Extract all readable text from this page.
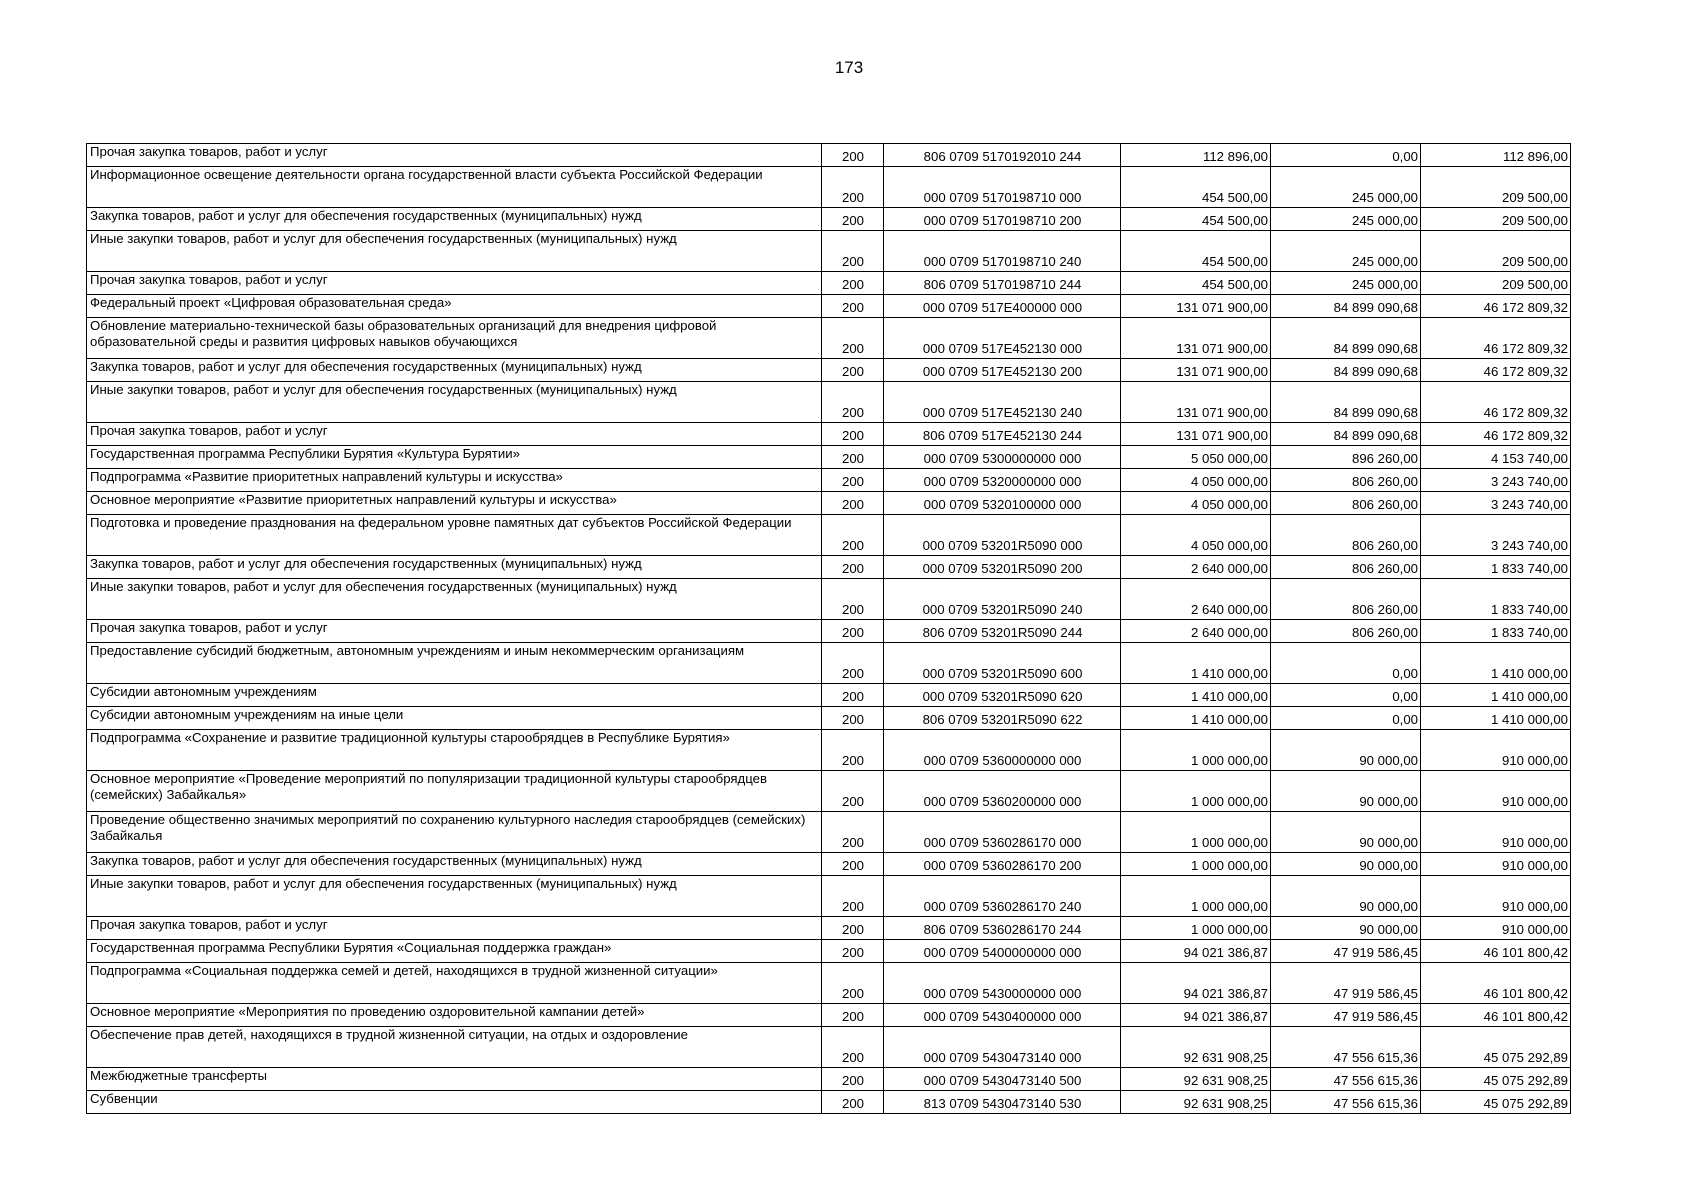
173
Прочая закупка товаров, работ и услуг	200	806 0709 5170192010 244	112 896,00	0,00	112 896,00
Информационное освещение деятельности органа государственной власти субъекта Российской Федерации	200	000 0709 5170198710 000	454 500,00	245 000,00	209 500,00
Закупка товаров, работ и услуг для обеспечения государственных (муниципальных) нужд	200	000 0709 5170198710 200	454 500,00	245 000,00	209 500,00
Иные закупки товаров, работ и услуг для обеспечения государственных (муниципальных) нужд	200	000 0709 5170198710 240	454 500,00	245 000,00	209 500,00
Прочая закупка товаров, работ и услуг	200	806 0709 5170198710 244	454 500,00	245 000,00	209 500,00
Федеральный проект «Цифровая образовательная среда»	200	000 0709 517E400000 000	131 071 900,00	84 899 090,68	46 172 809,32
Обновление материально-технической базы образовательных организаций для внедрения цифровой образовательной среды и развития цифровых навыков обучающихся	200	000 0709 517E452130 000	131 071 900,00	84 899 090,68	46 172 809,32
Закупка товаров, работ и услуг для обеспечения государственных (муниципальных) нужд	200	000 0709 517E452130 200	131 071 900,00	84 899 090,68	46 172 809,32
Иные закупки товаров, работ и услуг для обеспечения государственных (муниципальных) нужд	200	000 0709 517E452130 240	131 071 900,00	84 899 090,68	46 172 809,32
Прочая закупка товаров, работ и услуг	200	806 0709 517E452130 244	131 071 900,00	84 899 090,68	46 172 809,32
Государственная программа Республики Бурятия «Культура Бурятии»	200	000 0709 5300000000 000	5 050 000,00	896 260,00	4 153 740,00
Подпрограмма «Развитие приоритетных направлений культуры и искусства»	200	000 0709 5320000000 000	4 050 000,00	806 260,00	3 243 740,00
Основное мероприятие «Развитие приоритетных направлений культуры и искусства»	200	000 0709 5320100000 000	4 050 000,00	806 260,00	3 243 740,00
Подготовка и проведение празднования на федеральном уровне памятных дат субъектов Российской Федерации	200	000 0709 53201R5090 000	4 050 000,00	806 260,00	3 243 740,00
Закупка товаров, работ и услуг для обеспечения государственных (муниципальных) нужд	200	000 0709 53201R5090 200	2 640 000,00	806 260,00	1 833 740,00
Иные закупки товаров, работ и услуг для обеспечения государственных (муниципальных) нужд	200	000 0709 53201R5090 240	2 640 000,00	806 260,00	1 833 740,00
Прочая закупка товаров, работ и услуг	200	806 0709 53201R5090 244	2 640 000,00	806 260,00	1 833 740,00
Предоставление субсидий бюджетным, автономным учреждениям и иным некоммерческим организациям	200	000 0709 53201R5090 600	1 410 000,00	0,00	1 410 000,00
Субсидии автономным учреждениям	200	000 0709 53201R5090 620	1 410 000,00	0,00	1 410 000,00
Субсидии автономным учреждениям на иные цели	200	806 0709 53201R5090 622	1 410 000,00	0,00	1 410 000,00
Подпрограмма «Сохранение и развитие традиционной культуры старообрядцев в Республике Бурятия»	200	000 0709 5360000000 000	1 000 000,00	90 000,00	910 000,00
Основное мероприятие «Проведение мероприятий по популяризации традиционной культуры старообрядцев (семейских) Забайкалья»	200	000 0709 5360200000 000	1 000 000,00	90 000,00	910 000,00
Проведение общественно значимых мероприятий по сохранению культурного наследия старообрядцев (семейских) Забайкалья	200	000 0709 5360286170 000	1 000 000,00	90 000,00	910 000,00
Закупка товаров, работ и услуг для обеспечения государственных (муниципальных) нужд	200	000 0709 5360286170 200	1 000 000,00	90 000,00	910 000,00
Иные закупки товаров, работ и услуг для обеспечения государственных (муниципальных) нужд	200	000 0709 5360286170 240	1 000 000,00	90 000,00	910 000,00
Прочая закупка товаров, работ и услуг	200	806 0709 5360286170 244	1 000 000,00	90 000,00	910 000,00
Государственная программа Республики Бурятия «Социальная поддержка граждан»	200	000 0709 5400000000 000	94 021 386,87	47 919 586,45	46 101 800,42
Подпрограмма «Социальная поддержка семей и детей, находящихся в трудной жизненной ситуации»	200	000 0709 5430000000 000	94 021 386,87	47 919 586,45	46 101 800,42
Основное мероприятие «Мероприятия по проведению оздоровительной кампании детей»	200	000 0709 5430400000 000	94 021 386,87	47 919 586,45	46 101 800,42
Обеспечение прав детей, находящихся в трудной жизненной ситуации, на отдых и оздоровление	200	000 0709 5430473140 000	92 631 908,25	47 556 615,36	45 075 292,89
Межбюджетные трансферты	200	000 0709 5430473140 500	92 631 908,25	47 556 615,36	45 075 292,89
Субвенции	200	813 0709 5430473140 530	92 631 908,25	47 556 615,36	45 075 292,89
